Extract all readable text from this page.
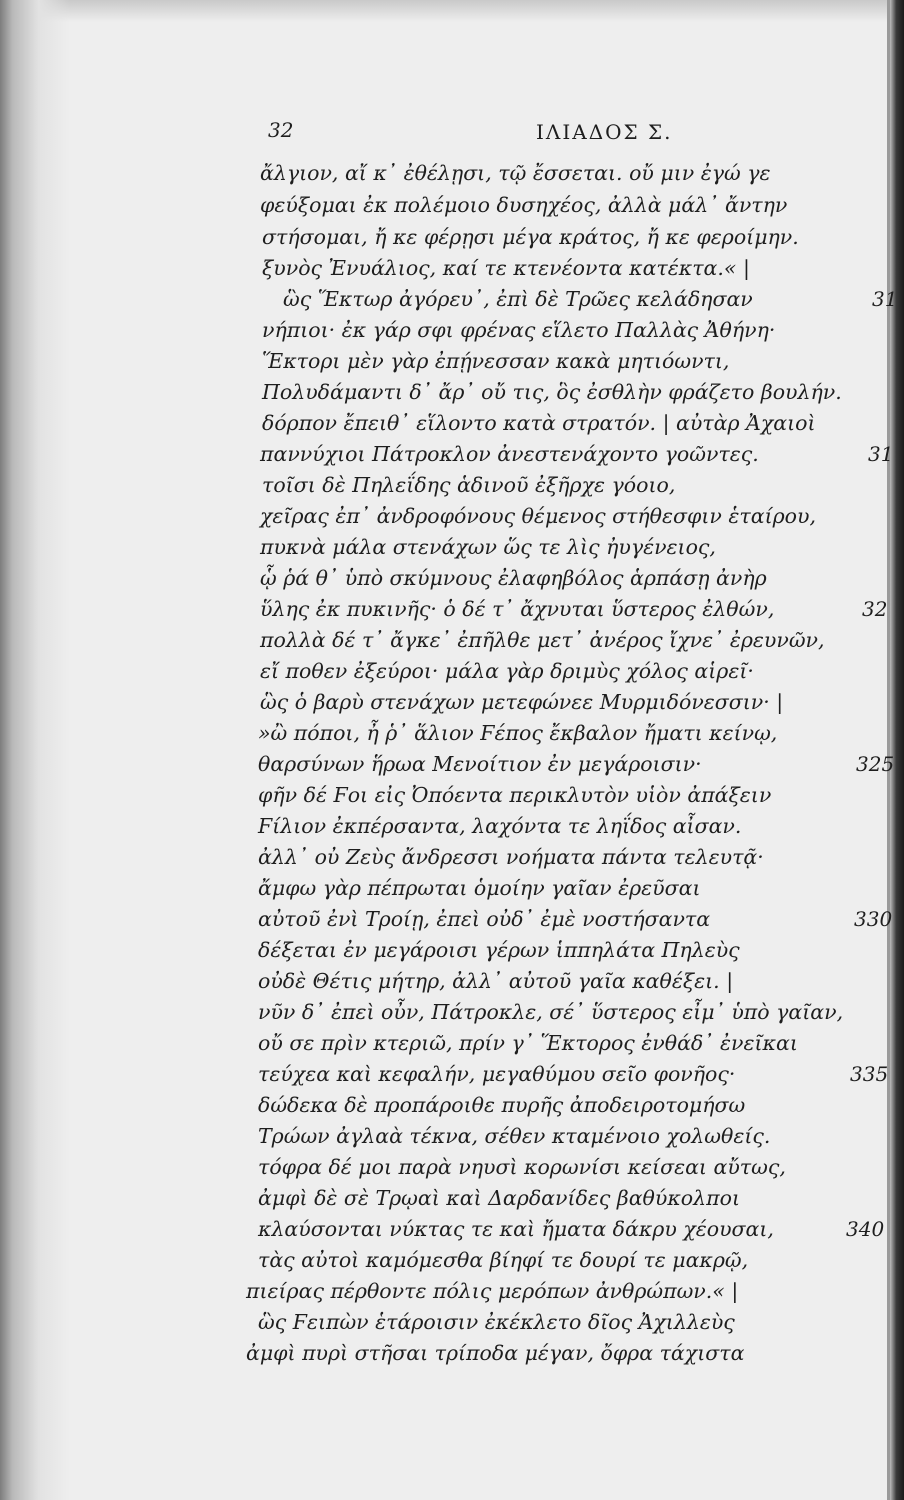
32	ΙΛΙΑΔΟΣ Σ.
ἄλγιον, αἴ κ᾿ ἐθέλῃσι, τῷ ἔσσεται. οὔ μιν ἐγώ γε
φεύξομαι ἐκ πολέμοιο δυσηχέος, ἀλλὰ μάλ᾿ ἄντην
στήσομαι, ἤ κε φέρῃσι μέγα κράτος, ἤ κε φεροίμην.
ξυνὸς Ἐνυάλιος, καί τε κτενέοντα κατέκτα.« |
ὣς Ἕκτωρ ἀγόρευ᾿, ἐπὶ δὲ Τρῶες κελάδησαν
νήπιοι· ἐκ γάρ σφι φρένας εἵλετο Παλλὰς Ἀθήνη·
Ἕκτορι μὲν γὰρ ἐπῄνεσσαν κακὰ μητιόωντι,
Πολυδάμαντι δ᾿ ἄρ᾿ οὔ τις, ὃς ἐσθλὴν φράζετο βουλήν.
δόρπον ἔπειθ᾿ εἵλοντο κατὰ στρατόν. | αὐτὰρ Ἀχαιοὶ
παννύχιοι Πάτροκλον ἀνεστενάχοντο γοῶντες.
τοῖσι δὲ Πηλεΐδης ἁδινοῦ ἐξῆρχε γόοιο,
χεῖρας ἐπ᾿ ἀνδροφόνους θέμενος στήθεσφιν ἑταίρου,
πυκνὰ μάλα στενάχων ὥς τε λὶς ἠυγένειος,
ᾧ ῥά θ᾿ ὑπὸ σκύμνους ἐλαφηβόλος ἁρπάσῃ ἀνὴρ
ὕλης ἐκ πυκινῆς· ὁ δέ τ᾿ ἄχνυται ὕστερος ἐλθών,
πολλὰ δέ τ᾿ ἄγκε᾿ ἐπῆλθε μετ᾿ ἀνέρος ἴχνε᾿ ἐρευνῶν,
εἴ ποθεν ἐξεύροι· μάλα γὰρ δριμὺς χόλος αἱρεῖ·
ὣς ὁ βαρὺ στενάχων μετεφώνεε Μυρμιδόνεσσιν· |
»ὢ πόποι, ἦ ῥ᾿ ἅλιον Ϝέπος ἔκβαλον ἤματι κείνῳ,
θαρσύνων ἥρωα Μενοίτιον ἐν μεγάροισιν·
φῆν δέ Ϝοι εἰς Ὀπόεντα περικλυτὸν υἱὸν ἀπάξειν
Ϝίλιον ἐκπέρσαντα, λαχόντα τε ληΐδος αἶσαν.
ἀλλ᾿ οὐ Ζεὺς ἄνδρεσσι νοήματα πάντα τελευτᾷ·
ἄμφω γὰρ πέπρωται ὁμοίην γαῖαν ἐρεῦσαι
αὐτοῦ ἐνὶ Τροίῃ, ἐπεὶ οὐδ᾿ ἐμὲ νοστήσαντα
δέξεται ἐν μεγάροισι γέρων ἱππηλάτα Πηλεὺς
οὐδὲ Θέτις μήτηρ, ἀλλ᾿ αὐτοῦ γαῖα καθέξει. |
νῦν δ᾿ ἐπεὶ οὖν, Πάτροκλε, σέ᾿ ὕστερος εἶμ᾿ ὑπὸ γαῖαν,
οὔ σε πρὶν κτεριῶ, πρίν γ᾿ Ἕκτορος ἐνθάδ᾿ ἐνεῖκαι
τεύχεα καὶ κεφαλήν, μεγαθύμου σεῖο φονῆος·
δώδεκα δὲ προπάροιθε πυρῆς ἀποδειροτομήσω
Τρώων ἀγλαὰ τέκνα, σέθεν κταμένοιο χολωθείς.
τόφρα δέ μοι παρὰ νηυσὶ κορωνίσι κείσεαι αὔτως,
ἀμφὶ δὲ σὲ Τρῳαὶ καὶ Δαρδανίδες βαθύκολποι
κλαύσονται νύκτας τε καὶ ἤματα δάκρυ χέουσαι,
τὰς αὐτοὶ καμόμεσθα βίηφί τε δουρί τε μακρῷ,
πιείρας πέρθοντε πόλις μερόπων ἀνθρώπων.« |
ὣς Ϝειπὼν ἑτάροισιν ἐκέκλετο δῖος Ἀχιλλεὺς
ἀμφὶ πυρὶ στῆσαι τρίποδα μέγαν, ὄφρα τάχιστα
31
31
32
325
330
335
340
